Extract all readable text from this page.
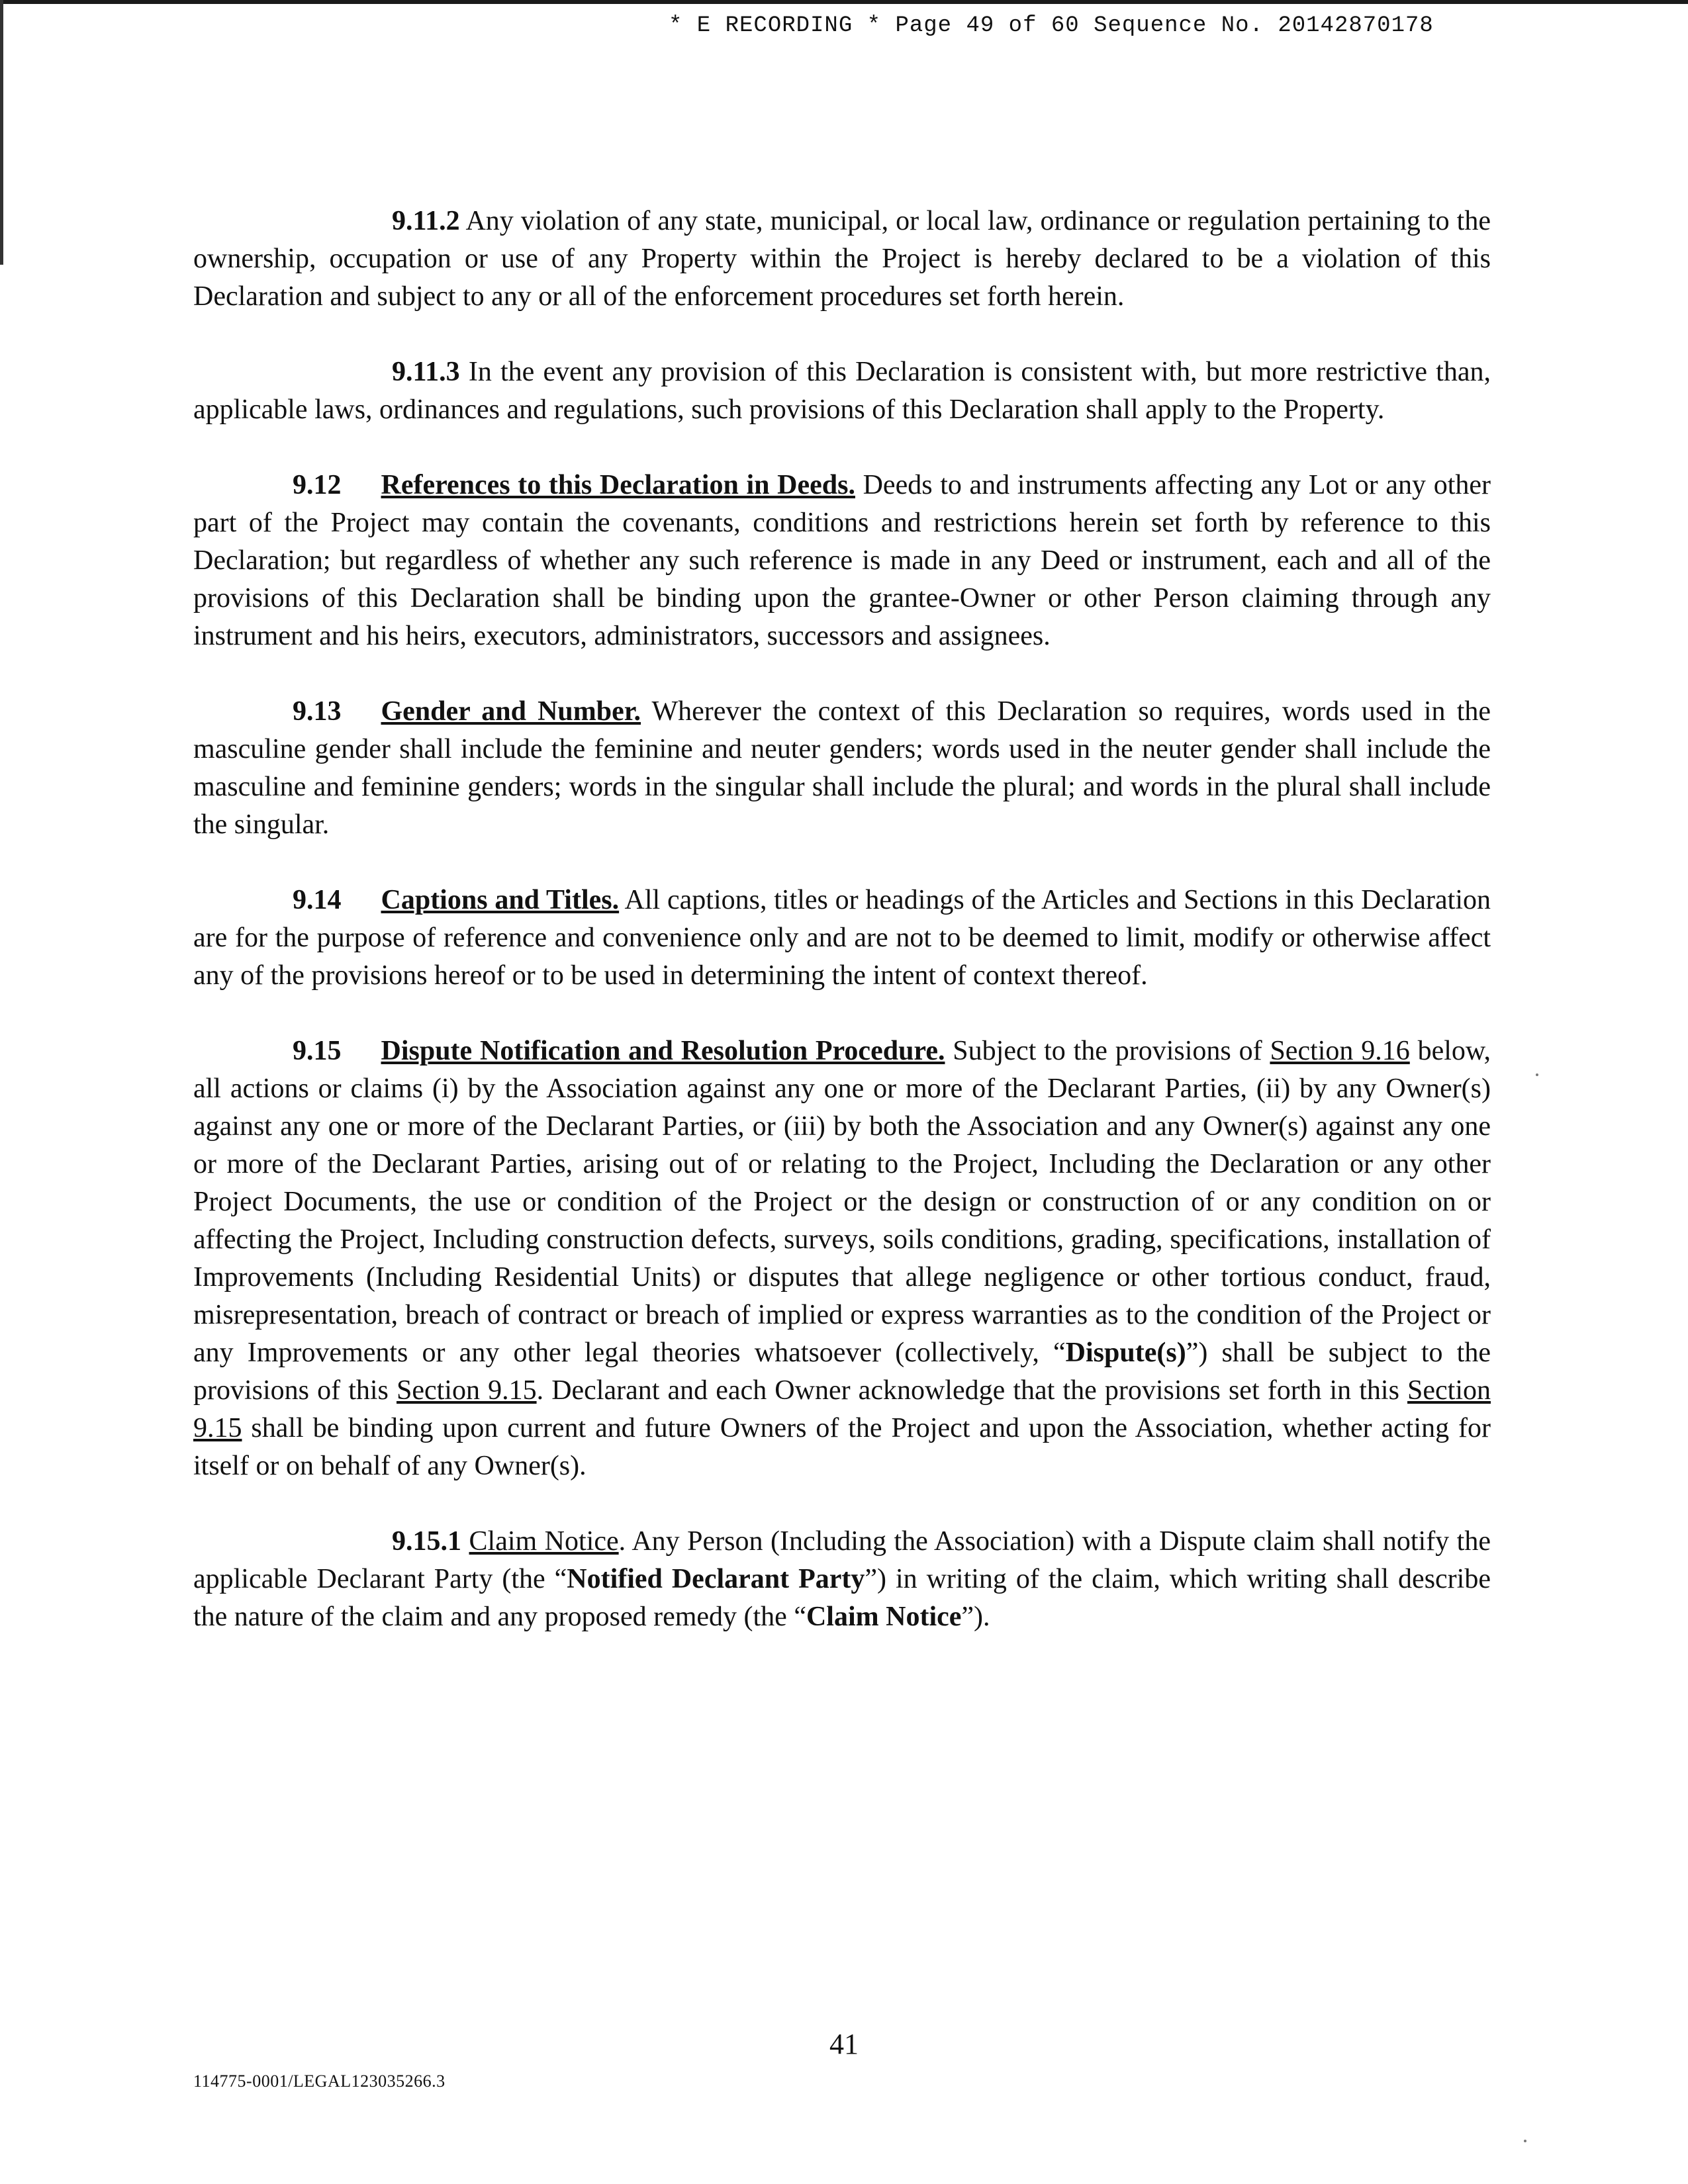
* E RECORDING * Page 49 of 60 Sequence No. 20142870178

9.11.2 Any violation of any state, municipal, or local law, ordinance or regulation pertaining to the ownership, occupation or use of any Property within the Project is hereby declared to be a violation of this Declaration and subject to any or all of the enforcement procedures set forth herein.

9.11.3 In the event any provision of this Declaration is consistent with, but more restrictive than, applicable laws, ordinances and regulations, such provisions of this Declaration shall apply to the Property.

9.12 References to this Declaration in Deeds. Deeds to and instruments affecting any Lot or any other part of the Project may contain the covenants, conditions and restrictions herein set forth by reference to this Declaration; but regardless of whether any such reference is made in any Deed or instrument, each and all of the provisions of this Declaration shall be binding upon the grantee-Owner or other Person claiming through any instrument and his heirs, executors, administrators, successors and assignees.

9.13 Gender and Number. Wherever the context of this Declaration so requires, words used in the masculine gender shall include the feminine and neuter genders; words used in the neuter gender shall include the masculine and feminine genders; words in the singular shall include the plural; and words in the plural shall include the singular.

9.14 Captions and Titles. All captions, titles or headings of the Articles and Sections in this Declaration are for the purpose of reference and convenience only and are not to be deemed to limit, modify or otherwise affect any of the provisions hereof or to be used in determining the intent of context thereof.

9.15 Dispute Notification and Resolution Procedure. Subject to the provisions of Section 9.16 below, all actions or claims (i) by the Association against any one or more of the Declarant Parties, (ii) by any Owner(s) against any one or more of the Declarant Parties, or (iii) by both the Association and any Owner(s) against any one or more of the Declarant Parties, arising out of or relating to the Project, Including the Declaration or any other Project Documents, the use or condition of the Project or the design or construction of or any condition on or affecting the Project, Including construction defects, surveys, soils conditions, grading, specifications, installation of Improvements (Including Residential Units) or disputes that allege negligence or other tortious conduct, fraud, misrepresentation, breach of contract or breach of implied or express warranties as to the condition of the Project or any Improvements or any other legal theories whatsoever (collectively, “Dispute(s)”) shall be subject to the provisions of this Section 9.15. Declarant and each Owner acknowledge that the provisions set forth in this Section 9.15 shall be binding upon current and future Owners of the Project and upon the Association, whether acting for itself or on behalf of any Owner(s).

9.15.1 Claim Notice. Any Person (Including the Association) with a Dispute claim shall notify the applicable Declarant Party (the “Notified Declarant Party”) in writing of the claim, which writing shall describe the nature of the claim and any proposed remedy (the “Claim Notice”).

41
114775-0001/LEGAL123035266.3
